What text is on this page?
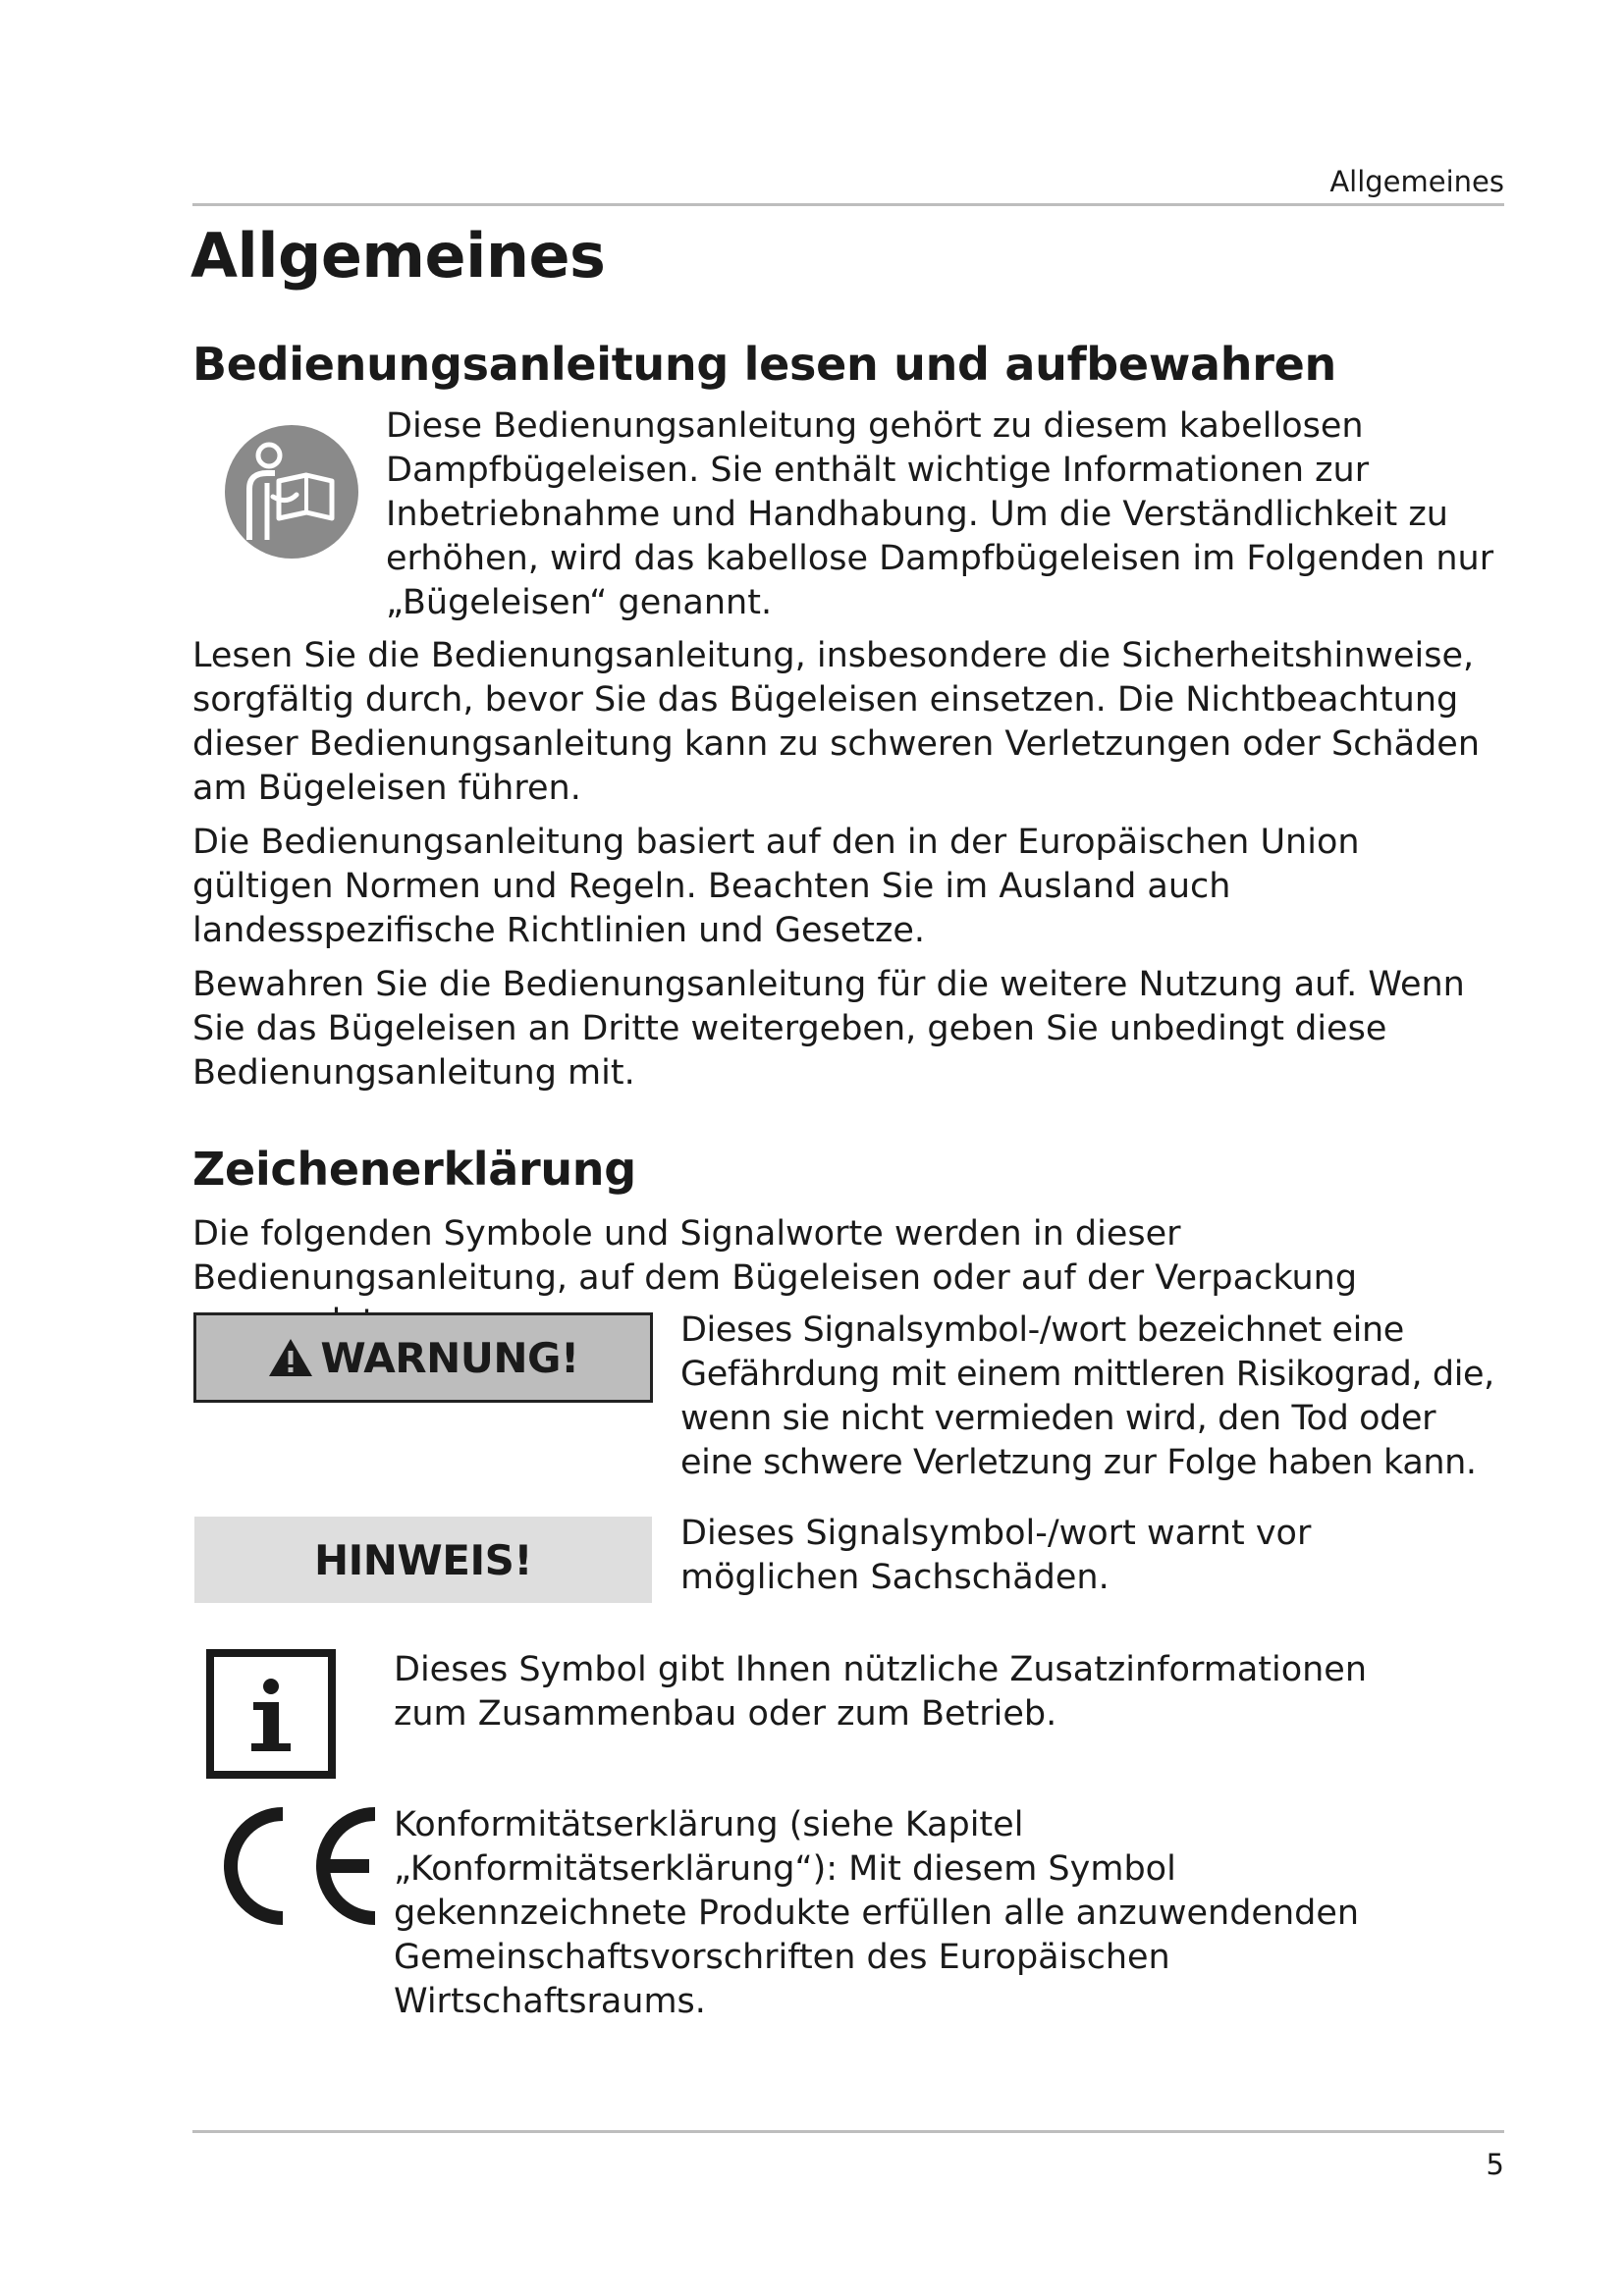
Allgemeines
Allgemeines
Bedienungsanleitung lesen und aufbewahren

Diese Bedienungsanleitung gehört zu diesem kabellosen Dampfbügeleisen. Sie enthält wichtige Informationen zur Inbetriebnahme und Handhabung. Um die Verständlichkeit zu erhöhen, wird das kabellose Dampfbügeleisen im Folgenden nur „Bügeleisen“ genannt.

Lesen Sie die Bedienungsanleitung, insbesondere die Sicherheitshinweise, sorgfältig durch, bevor Sie das Bügeleisen einsetzen. Die Nichtbeachtung dieser Bedienungsanleitung kann zu schweren Verletzungen oder Schäden am Bügeleisen führen.

Die Bedienungsanleitung basiert auf den in der Europäischen Union gültigen Normen und Regeln. Beachten Sie im Ausland auch landesspezifische Richtlinien und Gesetze.

Bewahren Sie die Bedienungsanleitung für die weitere Nutzung auf. Wenn Sie das Bügeleisen an Dritte weitergeben, geben Sie unbedingt diese Bedienungsanleitung mit.

Zeichenerklärung

Die folgenden Symbole und Signalworte werden in dieser Bedienungsanleitung, auf dem Bügeleisen oder auf der Verpackung

WARNUNG!

Dieses Signalsymbol-/wort bezeichnet eine Gefährdung mit einem mittleren Risikograd, die, wenn sie nicht vermieden wird, den Tod oder eine schwere Verletzung zur Folge haben kann.

HINWEIS!

Dieses Signalsymbol-/wort warnt vor möglichen Sachschäden.

Dieses Symbol gibt Ihnen nützliche Zusatzinformationen zum Zusammenbau oder zum Betrieb.

Konformitätserklärung (siehe Kapitel „Konformitätserklärung“): Mit diesem Symbol gekennzeichnete Produkte erfüllen alle anzuwendenden Gemeinschaftsvorschriften des Europäischen Wirtschaftsraums.

5
